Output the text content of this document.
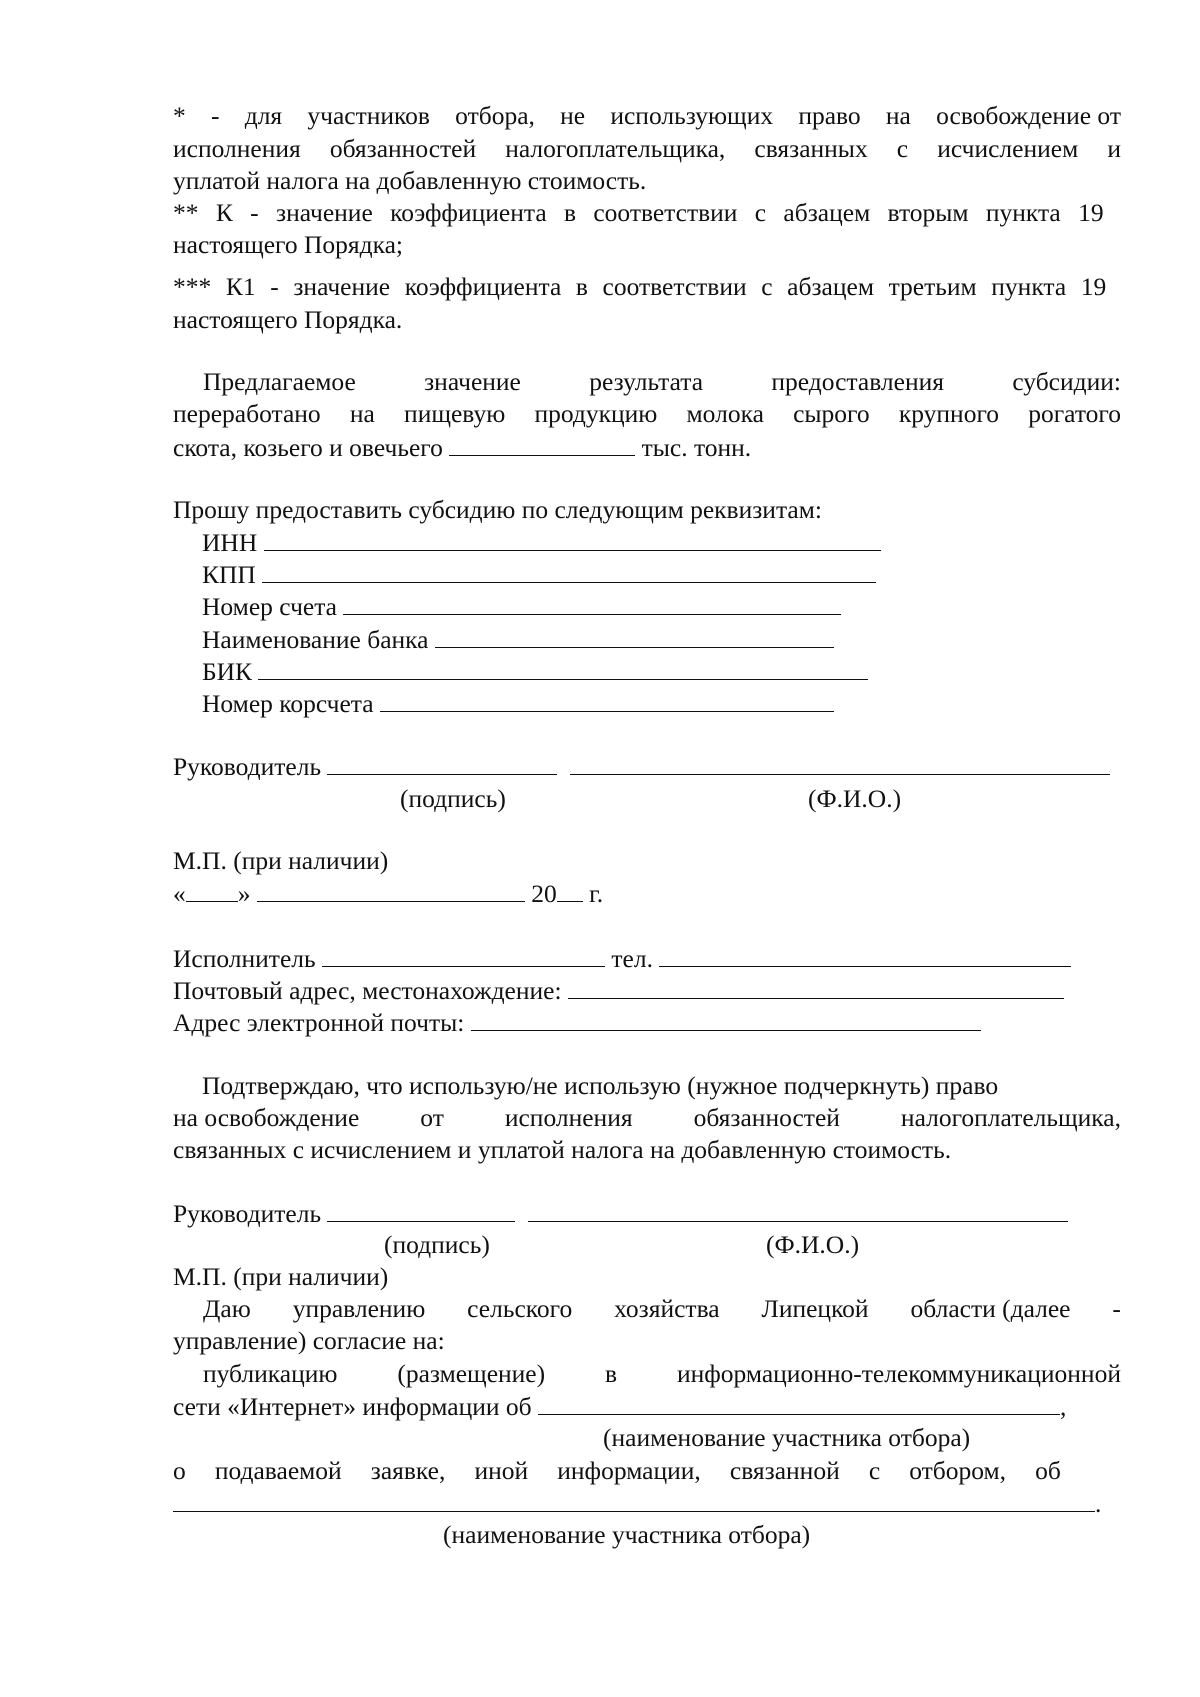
* - для участников отбора, не использующих право на освобождение от
исполнения обязанностей налогоплательщика, связанных с исчислением и
уплатой налога на добавленную стоимость.
** К - значение коэффициента в соответствии с абзацем вторым пункта 19
настоящего Порядка;
*** К1 - значение коэффициента в соответствии с абзацем третьим пункта 19
настоящего Порядка.
Предлагаемое	значение	результата	предоставления	субсидии:
переработано на пищевую продукцию молока сырого крупного рогатого
скота, козьего и овечьего	тыс. тонн.
Прошу предоставить субсидию по следующим реквизитам:
ИНН
КПП
Номер счета
Наименование банка
БИК
Номер корсчета
Руководитель
(подпись)	(Ф.И.О.)
М.П. (при наличии)
« »	20 г.
Исполнитель	тел.
Почтовый адрес, местонахождение:
Адрес электронной почты:
Подтверждаю, что использую/не использую (нужное подчеркнуть) право
на освобождение от исполнения обязанностей налогоплательщика,
связанных с исчислением и уплатой налога на добавленную стоимость.
Руководитель
(подпись)	(Ф.И.О.)
М.П. (при наличии)
Даю управлению сельского хозяйства Липецкой области (далее -
управление) согласие на:
публикацию (размещение) в информационно-телекоммуникационной
сети «Интернет» информации об	,
(наименование участника отбора)
о подаваемой заявке, иной информации, связанной с отбором, об
.
(наименование участника отбора)
